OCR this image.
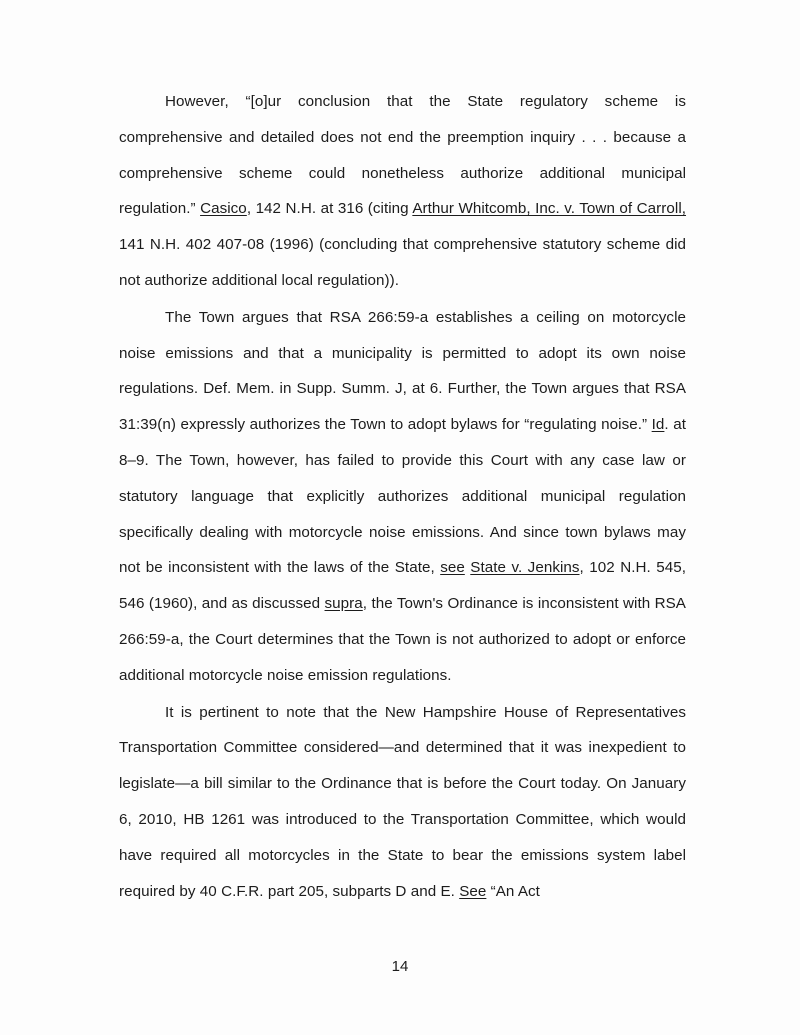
However, “[o]ur conclusion that the State regulatory scheme is comprehensive and detailed does not end the preemption inquiry . . . because a comprehensive scheme could nonetheless authorize additional municipal regulation.” Casico, 142 N.H. at 316 (citing Arthur Whitcomb, Inc. v. Town of Carroll, 141 N.H. 402 407-08 (1996) (concluding that comprehensive statutory scheme did not authorize additional local regulation)).

The Town argues that RSA 266:59-a establishes a ceiling on motorcycle noise emissions and that a municipality is permitted to adopt its own noise regulations. Def. Mem. in Supp. Summ. J, at 6. Further, the Town argues that RSA 31:39(n) expressly authorizes the Town to adopt bylaws for “regulating noise.” Id. at 8–9. The Town, however, has failed to provide this Court with any case law or statutory language that explicitly authorizes additional municipal regulation specifically dealing with motorcycle noise emissions. And since town bylaws may not be inconsistent with the laws of the State, see State v. Jenkins, 102 N.H. 545, 546 (1960), and as discussed supra, the Town's Ordinance is inconsistent with RSA 266:59-a, the Court determines that the Town is not authorized to adopt or enforce additional motorcycle noise emission regulations.

It is pertinent to note that the New Hampshire House of Representatives Transportation Committee considered—and determined that it was inexpedient to legislate—a bill similar to the Ordinance that is before the Court today. On January 6, 2010, HB 1261 was introduced to the Transportation Committee, which would have required all motorcycles in the State to bear the emissions system label required by 40 C.F.R. part 205, subparts D and E. See “An Act

14
